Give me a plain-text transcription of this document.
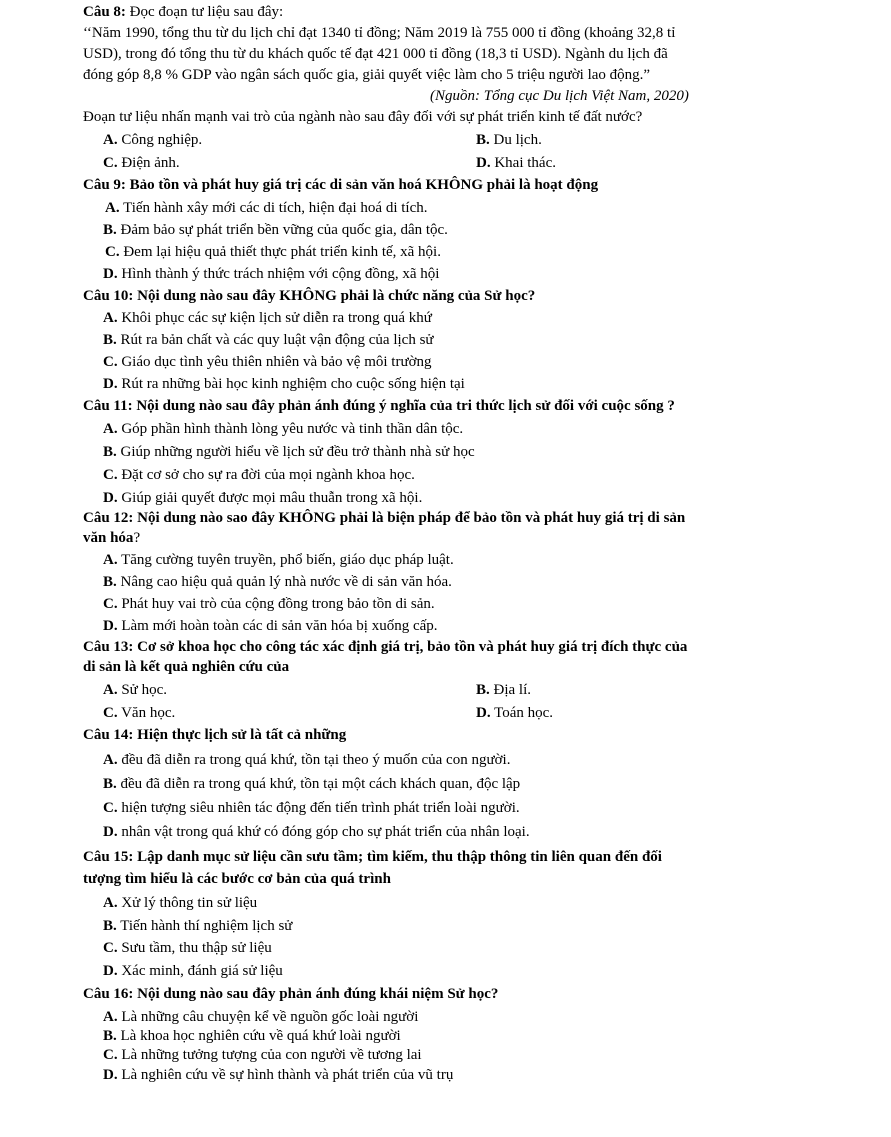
Câu 8: Đọc đoạn tư liệu sau đây:
‘‘Năm 1990, tổng thu từ du lịch chỉ đạt 1340 tỉ đồng; Năm 2019 là 755 000 tỉ đồng (khoảng 32,8 tỉ
USD), trong đó tổng thu từ du khách quốc tế đạt 421 000 tỉ đồng (18,3 tỉ USD). Ngành du lịch đã
đóng góp 8,8 % GDP vào ngân sách quốc gia, giải quyết việc làm cho 5 triệu người lao động.”
(Nguồn: Tổng cục Du lịch Việt Nam, 2020)
Đoạn tư liệu nhấn mạnh vai trò của ngành nào sau đây đối với sự phát triển kinh tế đất nước?
A. Công nghiệp.	B. Du lịch.
C. Điện ảnh.	D. Khai thác.
Câu 9: Bảo tồn và phát huy giá trị các di sản văn hoá KHÔNG phải là hoạt động
A. Tiến hành xây mới các di tích, hiện đại hoá di tích.
B. Đảm bảo sự phát triển bền vững của quốc gia, dân tộc.
C. Đem lại hiệu quả thiết thực phát triển kinh tế, xã hội.
D. Hình thành ý thức trách nhiệm với cộng đồng, xã hội
Câu 10: Nội dung nào sau đây KHÔNG phải là chức năng của Sử học?
A. Khôi phục các sự kiện lịch sử diễn ra trong quá khứ
B. Rút ra bản chất và các quy luật vận động của lịch sử
C. Giáo dục tình yêu thiên nhiên và bảo vệ môi trường
D. Rút ra những bài học kinh nghiệm cho cuộc sống hiện tại
Câu 11: Nội dung nào sau đây phản ánh đúng ý nghĩa của tri thức lịch sử đối với cuộc sống ?
A. Góp phần hình thành lòng yêu nước và tinh thần dân tộc.
B. Giúp những người hiểu về lịch sử đều trở thành nhà sử học
C. Đặt cơ sở cho sự ra đời của mọi ngành khoa học.
D. Giúp giải quyết được mọi mâu thuẫn trong xã hội.
Câu 12: Nội dung nào sao đây KHÔNG phải là biện pháp để bảo tồn và phát huy giá trị di sản
văn hóa?
A. Tăng cường tuyên truyền, phổ biến, giáo dục pháp luật.
B. Nâng cao hiệu quả quản lý nhà nước về di sản văn hóa.
C. Phát huy vai trò của cộng đồng trong bảo tồn di sản.
D. Làm mới hoàn toàn các di sản văn hóa bị xuống cấp.
Câu 13: Cơ sở khoa học cho công tác xác định giá trị, bảo tồn và phát huy giá trị đích thực của
di sản là kết quả nghiên cứu của
A. Sử học.	B. Địa lí.
C. Văn học.	D. Toán học.
Câu 14: Hiện thực lịch sử là tất cả những
A. đều đã diễn ra trong quá khứ, tồn tại theo ý muốn của con người.
B. đều đã diễn ra trong quá khứ, tồn tại một cách khách quan, độc lập
C. hiện tượng siêu nhiên tác động đến tiến trình phát triển loài người.
D. nhân vật trong quá khứ có đóng góp cho sự phát triển của nhân loại.
Câu 15: Lập danh mục sử liệu cần sưu tầm; tìm kiếm, thu thập thông tin liên quan đến đối
tượng tìm hiểu là các bước cơ bản của quá trình
A. Xử lý thông tin sử liệu
B. Tiến hành thí nghiệm lịch sử
C. Sưu tầm, thu thập sử liệu
D. Xác minh, đánh giá sử liệu
Câu 16: Nội dung nào sau đây phản ánh đúng khái niệm Sử học?
A. Là những câu chuyện kể về nguồn gốc loài người
B. Là khoa học nghiên cứu về quá khứ loài người
C. Là những tưởng tượng của con người về tương lai
D. Là nghiên cứu về sự hình thành và phát triển của vũ trụ
